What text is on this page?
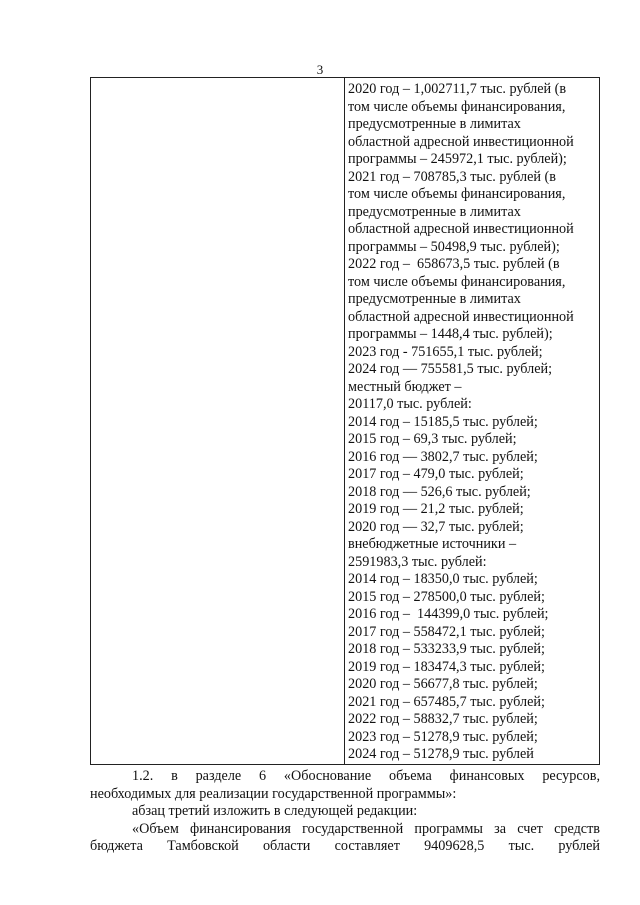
3
2020 год – 1,002711,7 тыс. рублей (в
том числе объемы финансирования,
предусмотренные в лимитах
областной адресной инвестиционной
программы – 245972,1 тыс. рублей);
2021 год – 708785,3 тыс. рублей (в
том числе объемы финансирования,
предусмотренные в лимитах
областной адресной инвестиционной
программы – 50498,9 тыс. рублей);
2022 год –  658673,5 тыс. рублей (в
том числе объемы финансирования,
предусмотренные в лимитах
областной адресной инвестиционной
программы – 1448,4 тыс. рублей);
2023 год - 751655,1 тыс. рублей;
2024 год — 755581,5 тыс. рублей;
местный бюджет –
20117,0 тыс. рублей:
2014 год – 15185,5 тыс. рублей;
2015 год – 69,3 тыс. рублей;
2016 год — 3802,7 тыс. рублей;
2017 год – 479,0 тыс. рублей;
2018 год — 526,6 тыс. рублей;
2019 год — 21,2 тыс. рублей;
2020 год — 32,7 тыс. рублей;
внебюджетные источники –
2591983,3 тыс. рублей:
2014 год – 18350,0 тыс. рублей;
2015 год – 278500,0 тыс. рублей;
2016 год –  144399,0 тыс. рублей;
2017 год – 558472,1 тыс. рублей;
2018 год – 533233,9 тыс. рублей;
2019 год – 183474,3 тыс. рублей;
2020 год – 56677,8 тыс. рублей;
2021 год – 657485,7 тыс. рублей;
2022 год – 58832,7 тыс. рублей;
2023 год – 51278,9 тыс. рублей;
2024 год – 51278,9 тыс. рублей
1.2. в разделе 6 «Обоснование объема финансовых ресурсов,
необходимых для реализации государственной программы»:
абзац третий изложить в следующей редакции:
«Объем финансирования государственной программы за счет средств
бюджета Тамбовской области составляет 9409628,5 тыс. рублей
